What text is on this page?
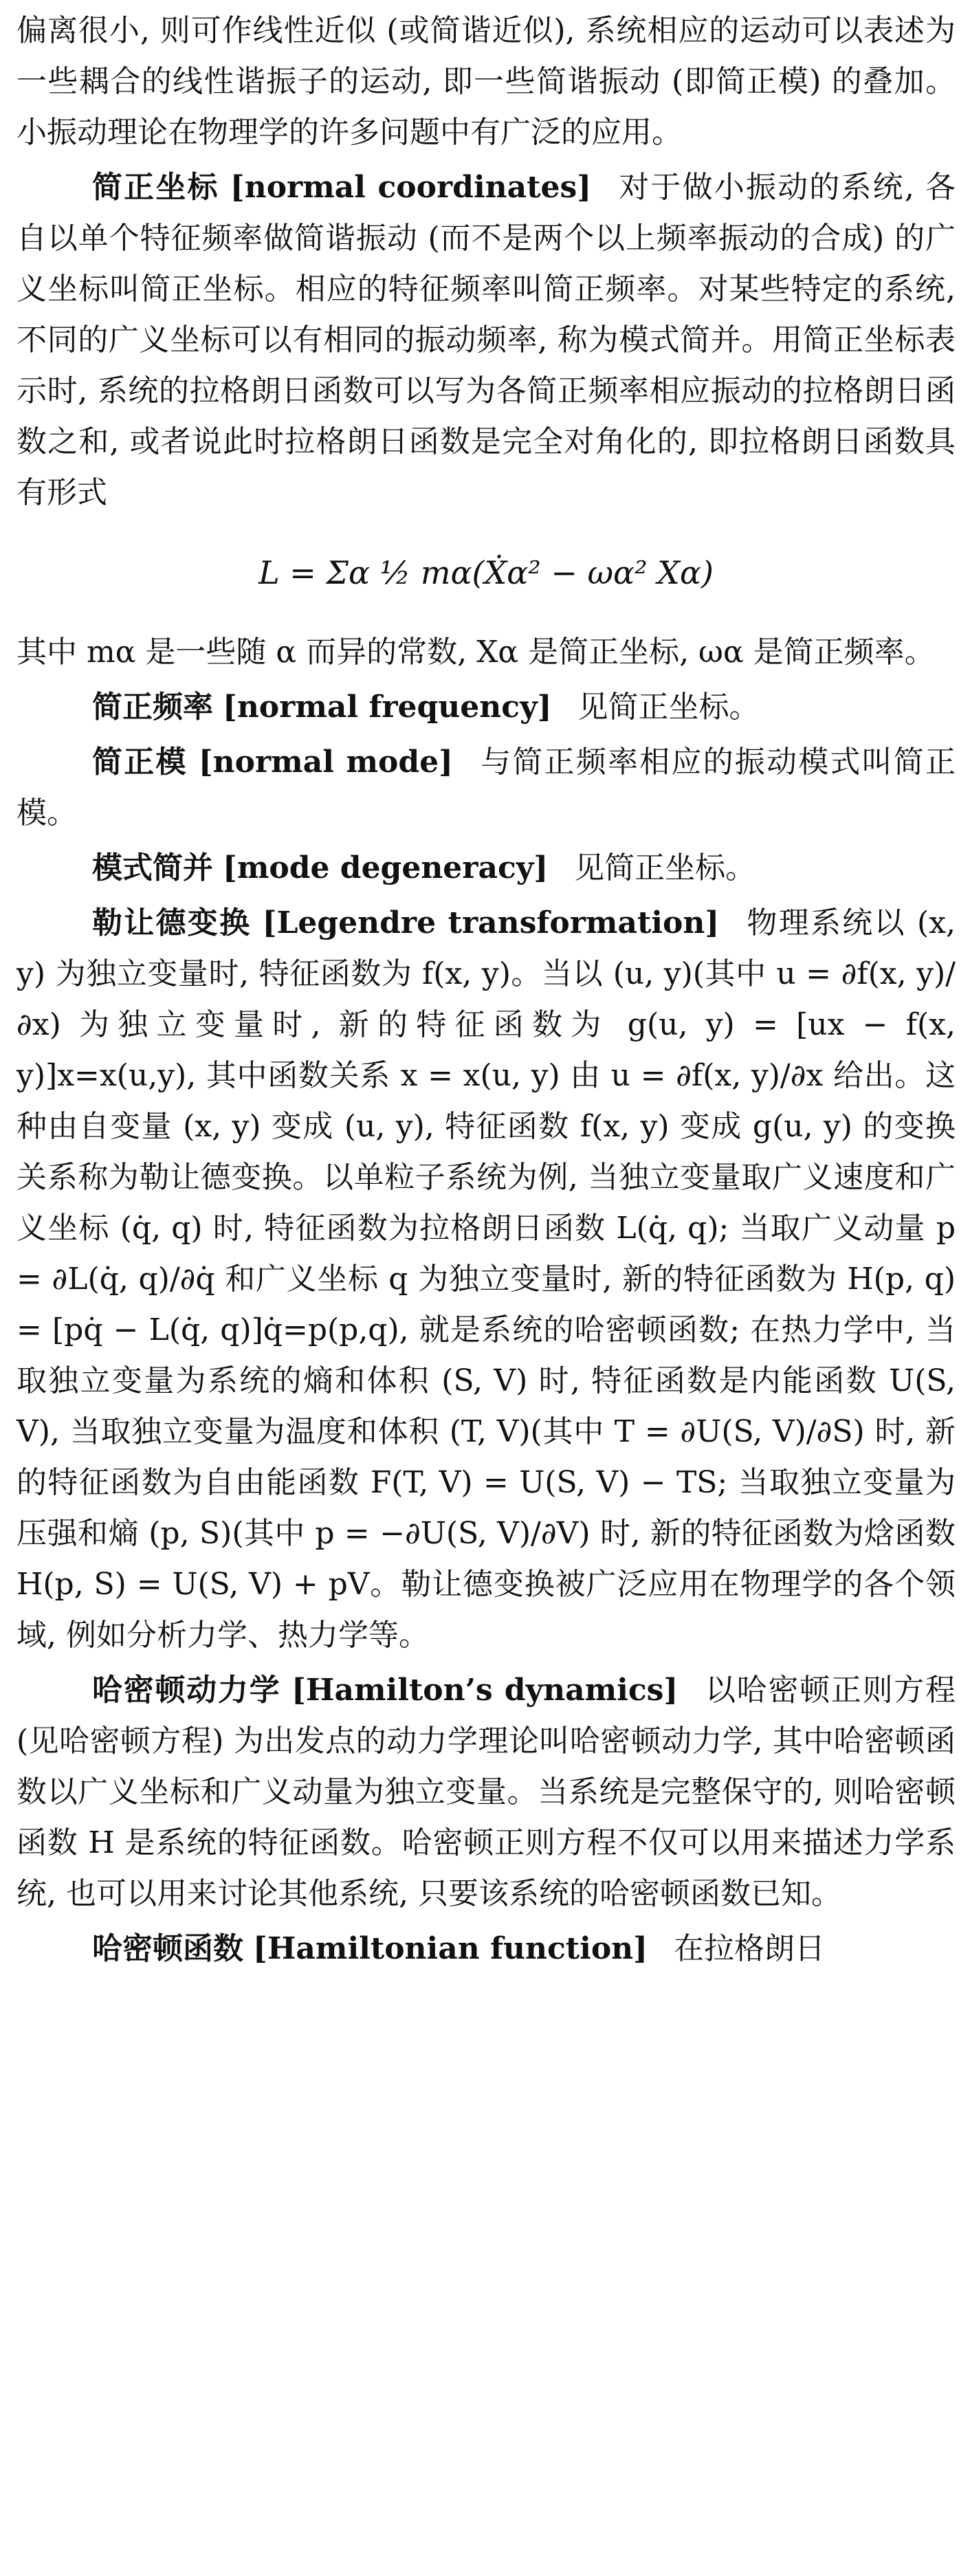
偏离很小, 则可作线性近似 (或简谐近似), 系统相应的运动可以表述为一些耦合的线性谐振子的运动, 即一些简谐振动 (即简正模) 的叠加。小振动理论在物理学的许多问题中有广泛的应用。

简正坐标 [normal coordinates] 对于做小振动的系统, 各自以单个特征频率做简谐振动 (而不是两个以上频率振动的合成) 的广义坐标叫简正坐标。相应的特征频率叫简正频率。对某些特定的系统, 不同的广义坐标可以有相同的振动频率, 称为模式简并。用简正坐标表示时, 系统的拉格朗日函数可以写为各简正频率相应振动的拉格朗日函数之和, 或者说此时拉格朗日函数是完全对角化的, 即拉格朗日函数具有形式

L = Σα ½ mα(Ẋα² − ωα² Xα)

其中 mα 是一些随 α 而异的常数, Xα 是简正坐标, ωα 是简正频率。

简正频率 [normal frequency] 见简正坐标。

简正模 [normal mode] 与简正频率相应的振动模式叫简正模。

模式简并 [mode degeneracy] 见简正坐标。

勒让德变换 [Legendre transformation] 物理系统以 (x, y) 为独立变量时, 特征函数为 f(x, y)。当以 (u, y)(其中 u = ∂f(x, y)/∂x) 为独立变量时, 新的特征函数为 g(u, y) = [ux − f(x, y)]x=x(u,y), 其中函数关系 x = x(u, y) 由 u = ∂f(x, y)/∂x 给出。这种由自变量 (x, y) 变成 (u, y), 特征函数 f(x, y) 变成 g(u, y) 的变换关系称为勒让德变换。以单粒子系统为例, 当独立变量取广义速度和广义坐标 (q̇, q) 时, 特征函数为拉格朗日函数 L(q̇, q); 当取广义动量 p = ∂L(q̇, q)/∂q̇ 和广义坐标 q 为独立变量时, 新的特征函数为 H(p, q) = [pq̇ − L(q̇, q)]q̇=p(p,q), 就是系统的哈密顿函数; 在热力学中, 当取独立变量为系统的熵和体积 (S, V) 时, 特征函数是内能函数 U(S, V), 当取独立变量为温度和体积 (T, V)(其中 T = ∂U(S, V)/∂S) 时, 新的特征函数为自由能函数 F(T, V) = U(S, V) − TS; 当取独立变量为压强和熵 (p, S)(其中 p = −∂U(S, V)/∂V) 时, 新的特征函数为焓函数 H(p, S) = U(S, V) + pV。勒让德变换被广泛应用在物理学的各个领域, 例如分析力学、热力学等。

哈密顿动力学 [Hamilton’s dynamics] 以哈密顿正则方程 (见哈密顿方程) 为出发点的动力学理论叫哈密顿动力学, 其中哈密顿函数以广义坐标和广义动量为独立变量。当系统是完整保守的, 则哈密顿函数 H 是系统的特征函数。哈密顿正则方程不仅可以用来描述力学系统, 也可以用来讨论其他系统, 只要该系统的哈密顿函数已知。

哈密顿函数 [Hamiltonian function] 在拉格朗日
